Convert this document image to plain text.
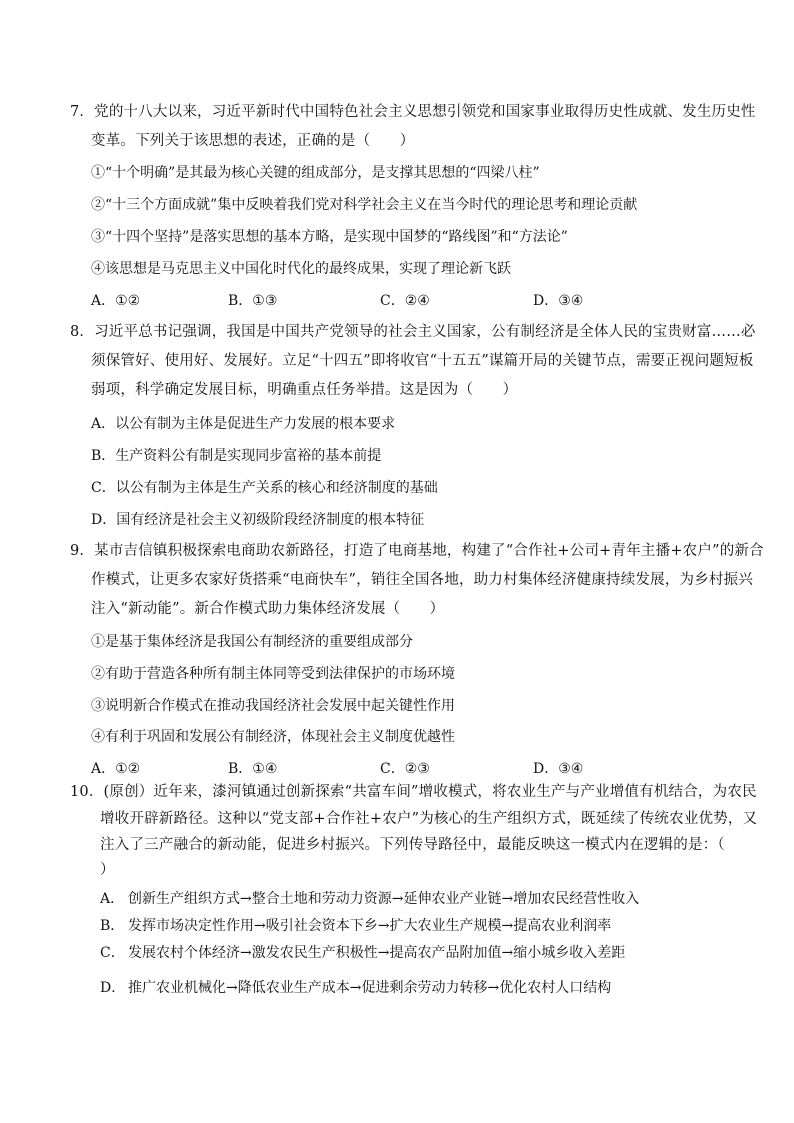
7．党的十八大以来，习近平新时代中国特色社会主义思想引领党和国家事业取得历史性成就、发生历史性
变革。下列关于该思想的表述，正确的是（　　）
①“十个明确”是其最为核心关键的组成部分，是支撑其思想的“四梁八柱”
②“十三个方面成就”集中反映着我们党对科学社会主义在当今时代的理论思考和理论贡献
③“十四个坚持”是落实思想的基本方略，是实现中国梦的“路线图”和“方法论”
④该思想是马克思主义中国化时代化的最终成果，实现了理论新飞跃
A．①②	B．①③	C．②④	D．③④
8．习近平总书记强调，我国是中国共产党领导的社会主义国家，公有制经济是全体人民的宝贵财富……必
须保管好、使用好、发展好。立足“十四五”即将收官“十五五”谋篇开局的关键节点，需要正视问题短板
弱项，科学确定发展目标，明确重点任务举措。这是因为（　　）
A．以公有制为主体是促进生产力发展的根本要求
B．生产资料公有制是实现同步富裕的基本前提
C．以公有制为主体是生产关系的核心和经济制度的基础
D．国有经济是社会主义初级阶段经济制度的根本特征
9．某市吉信镇积极探索电商助农新路径，打造了电商基地，构建了“合作社+公司+青年主播+农户”的新合
作模式，让更多农家好货搭乘“电商快车”，销往全国各地，助力村集体经济健康持续发展，为乡村振兴
注入“新动能”。新合作模式助力集体经济发展（　　）
①是基于集体经济是我国公有制经济的重要组成部分
②有助于营造各种所有制主体同等受到法律保护的市场环境
③说明新合作模式在推动我国经济社会发展中起关键性作用
④有利于巩固和发展公有制经济，体现社会主义制度优越性
A．①②	B．①④	C．②③	D．③④
10．(原创）近年来，漆河镇通过创新探索“共富车间”增收模式，将农业生产与产业增值有机结合，为农民
增收开辟新路径。这种以“党支部+合作社+农户”为核心的生产组织方式，既延续了传统农业优势，又
注入了三产融合的新动能，促进乡村振兴。下列传导路径中，最能反映这一模式内在逻辑的是：（
）
A． 创新生产组织方式→整合土地和劳动力资源→延伸农业产业链→增加农民经营性收入
B． 发挥市场决定性作用→吸引社会资本下乡→扩大农业生产规模→提高农业利润率
C． 发展农村个体经济→激发农民生产积极性→提高农产品附加值→缩小城乡收入差距
D． 推广农业机械化→降低农业生产成本→促进剩余劳动力转移→优化农村人口结构
